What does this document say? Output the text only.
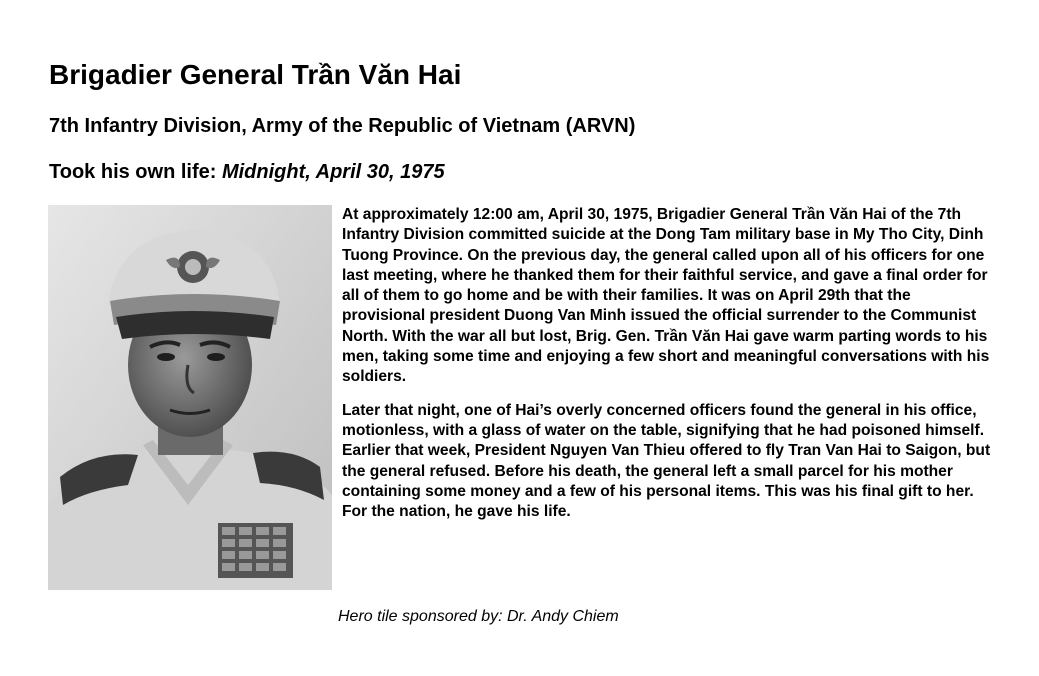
Brigadier General Trần Văn Hai
7th Infantry Division, Army of the Republic of Vietnam (ARVN)
Took his own life: Midnight, April 30, 1975

At approximately 12:00 am, April 30, 1975, Brigadier General Trần Văn Hai of the 7th Infantry Division committed suicide at the Dong Tam military base in My Tho City, Dinh Tuong Province. On the previous day, the general called upon all of his officers for one last meeting, where he thanked them for their faithful service, and gave a final order for all of them to go home and be with their families. It was on April 29th that the provisional president Duong Van Minh issued the official surrender to the Communist North. With the war all but lost, Brig. Gen. Trần Văn Hai gave warm parting words to his men, taking some time and enjoying a few short and meaningful conversations with his soldiers.

Later that night, one of Hai’s overly concerned officers found the general in his office, motionless, with a glass of water on the table, signifying that he had poisoned himself. Earlier that week, President Nguyen Van Thieu offered to fly Tran Van Hai to Saigon, but the general refused. Before his death, the general left a small parcel for his mother containing some money and a few of his personal items. This was his final gift to her. For the nation, he gave his life.

Hero tile sponsored by: Dr. Andy Chiem
